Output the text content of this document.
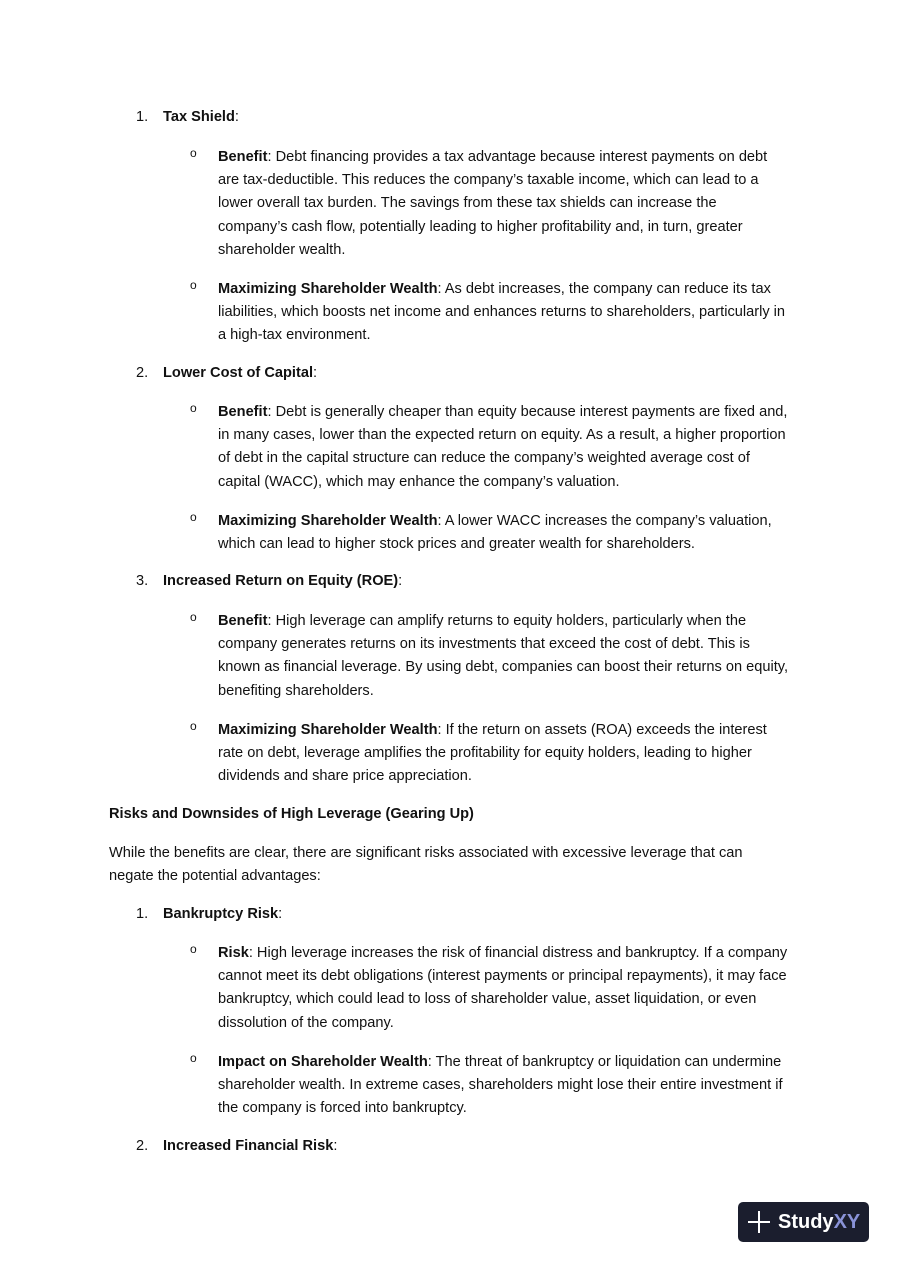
1. Tax Shield:
o Benefit: Debt financing provides a tax advantage because interest payments on debt are tax-deductible. This reduces the company’s taxable income, which can lead to a lower overall tax burden. The savings from these tax shields can increase the company’s cash flow, potentially leading to higher profitability and, in turn, greater shareholder wealth.
o Maximizing Shareholder Wealth: As debt increases, the company can reduce its tax liabilities, which boosts net income and enhances returns to shareholders, particularly in a high-tax environment.
2. Lower Cost of Capital:
o Benefit: Debt is generally cheaper than equity because interest payments are fixed and, in many cases, lower than the expected return on equity. As a result, a higher proportion of debt in the capital structure can reduce the company’s weighted average cost of capital (WACC), which may enhance the company’s valuation.
o Maximizing Shareholder Wealth: A lower WACC increases the company’s valuation, which can lead to higher stock prices and greater wealth for shareholders.
3. Increased Return on Equity (ROE):
o Benefit: High leverage can amplify returns to equity holders, particularly when the company generates returns on its investments that exceed the cost of debt. This is known as financial leverage. By using debt, companies can boost their returns on equity, benefiting shareholders.
o Maximizing Shareholder Wealth: If the return on assets (ROA) exceeds the interest rate on debt, leverage amplifies the profitability for equity holders, leading to higher dividends and share price appreciation.
Risks and Downsides of High Leverage (Gearing Up)
While the benefits are clear, there are significant risks associated with excessive leverage that can negate the potential advantages:
1. Bankruptcy Risk:
o Risk: High leverage increases the risk of financial distress and bankruptcy. If a company cannot meet its debt obligations (interest payments or principal repayments), it may face bankruptcy, which could lead to loss of shareholder value, asset liquidation, or even dissolution of the company.
o Impact on Shareholder Wealth: The threat of bankruptcy or liquidation can undermine shareholder wealth. In extreme cases, shareholders might lose their entire investment if the company is forced into bankruptcy.
2. Increased Financial Risk:
Study XY
